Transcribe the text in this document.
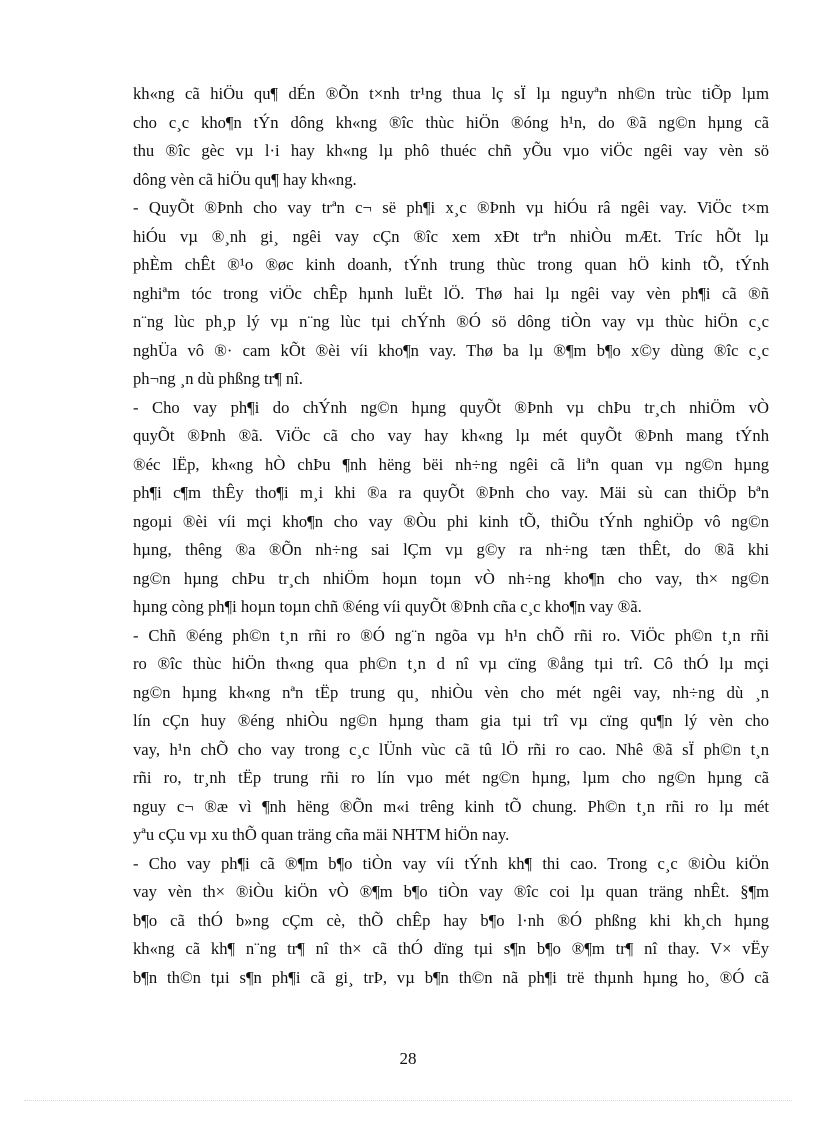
kh«ng cã hiÖu qu¶ dÉn ®Õn t×nh tr¹ng thua lç sÏ lµ nguyªn nh©n trùc tiÕp lµm
cho c¸c kho¶n tÝn dông kh«ng ®îc thùc hiÖn ®óng h¹n, do ®ã ng©n hµng cã
thu ®îc gèc vµ l·i hay kh«ng lµ phô thuéc chñ yÕu vµo viÖc ngêi vay vèn sö
dông vèn cã hiÖu qu¶ hay kh«ng.
- QuyÕt ®Þnh cho vay trªn c¬ së ph¶i x¸c ®Þnh vµ hiÓu râ ngêi vay. ViÖc t×m
hiÓu vµ ®¸nh gi¸ ngêi vay cÇn ®îc xem xÐt trªn nhiÒu mÆt. Tríc hÕt lµ
phÈm chÊt ®¹o ®øc kinh doanh, tÝnh trung thùc trong quan hÖ kinh tÕ, tÝnh
nghiªm tóc trong viÖc chÊp hµnh luËt lÖ. Thø hai lµ ngêi vay vèn ph¶i cã ®ñ
n¨ng lùc ph¸p lý vµ n¨ng lùc tµi chÝnh ®Ó sö dông tiÒn vay vµ thùc hiÖn c¸c
nghÜa vô ®· cam kÕt ®èi víi kho¶n vay. Thø ba lµ ®¶m b¶o x©y dùng ®îc c¸c
ph¬ng ¸n dù phßng tr¶ nî.
- Cho vay ph¶i do chÝnh ng©n hµng quyÕt ®Þnh vµ chÞu tr¸ch nhiÖm vÒ
quyÕt ®Þnh ®ã. ViÖc cã cho vay hay kh«ng lµ mét quyÕt ®Þnh mang tÝnh
®éc lËp, kh«ng hÒ chÞu ¶nh hëng bëi nh÷ng ngêi cã liªn quan vµ ng©n hµng
ph¶i c¶m thÊy tho¶i m¸i khi ®a ra quyÕt ®Þnh cho vay. Mäi sù can thiÖp bªn
ngoµi ®èi víi mçi kho¶n cho vay ®Òu phi kinh tÕ, thiÕu tÝnh nghiÖp vô ng©n
hµng, thêng ®a ®Õn nh÷ng sai lÇm vµ g©y ra nh÷ng tæn thÊt, do ®ã khi
ng©n hµng chÞu tr¸ch nhiÖm hoµn toµn vÒ nh÷ng kho¶n cho vay, th× ng©n
hµng còng ph¶i hoµn toµn chñ ®éng víi quyÕt ®Þnh cña c¸c kho¶n vay ®ã.
- Chñ ®éng ph©n t¸n rñi ro ®Ó ng¨n ngõa vµ h¹n chÕ rñi ro. ViÖc ph©n t¸n rñi
ro ®îc thùc hiÖn th«ng qua ph©n t¸n d nî vµ cïng ®ång tµi trî. Cô thÓ lµ mçi
ng©n hµng kh«ng nªn tËp trung qu¸ nhiÒu vèn cho mét ngêi vay, nh÷ng dù ¸n
lín cÇn huy ®éng nhiÒu ng©n hµng tham gia tµi trî vµ cïng qu¶n lý vèn cho
vay, h¹n chÕ cho vay trong c¸c lÜnh vùc cã tû lÖ rñi ro cao. Nhê ®ã sÏ ph©n t¸n
rñi ro, tr¸nh tËp trung rñi ro lín vµo mét ng©n hµng, lµm cho ng©n hµng cã
nguy c¬ ®æ vì ¶nh hëng ®Õn m«i trêng kinh tÕ chung. Ph©n t¸n rñi ro lµ mét
yªu cÇu vµ xu thÕ quan träng cña mäi NHTM hiÖn nay.
- Cho vay ph¶i cã ®¶m b¶o tiÒn vay víi tÝnh kh¶ thi cao. Trong c¸c ®iÒu kiÖn
vay vèn th× ®iÒu kiÖn vÒ ®¶m b¶o tiÒn vay ®îc coi lµ quan träng nhÊt. §¶m
b¶o cã thÓ b»ng cÇm cè, thÕ chÊp hay b¶o l·nh ®Ó phßng khi kh¸ch hµng
kh«ng cã kh¶ n¨ng tr¶ nî th× cã thÓ dïng tµi s¶n b¶o ®¶m tr¶ nî thay. V× vËy
b¶n th©n tµi s¶n ph¶i cã gi¸ trÞ, vµ b¶n th©n nã ph¶i trë thµnh hµng ho¸ ®Ó cã
28
